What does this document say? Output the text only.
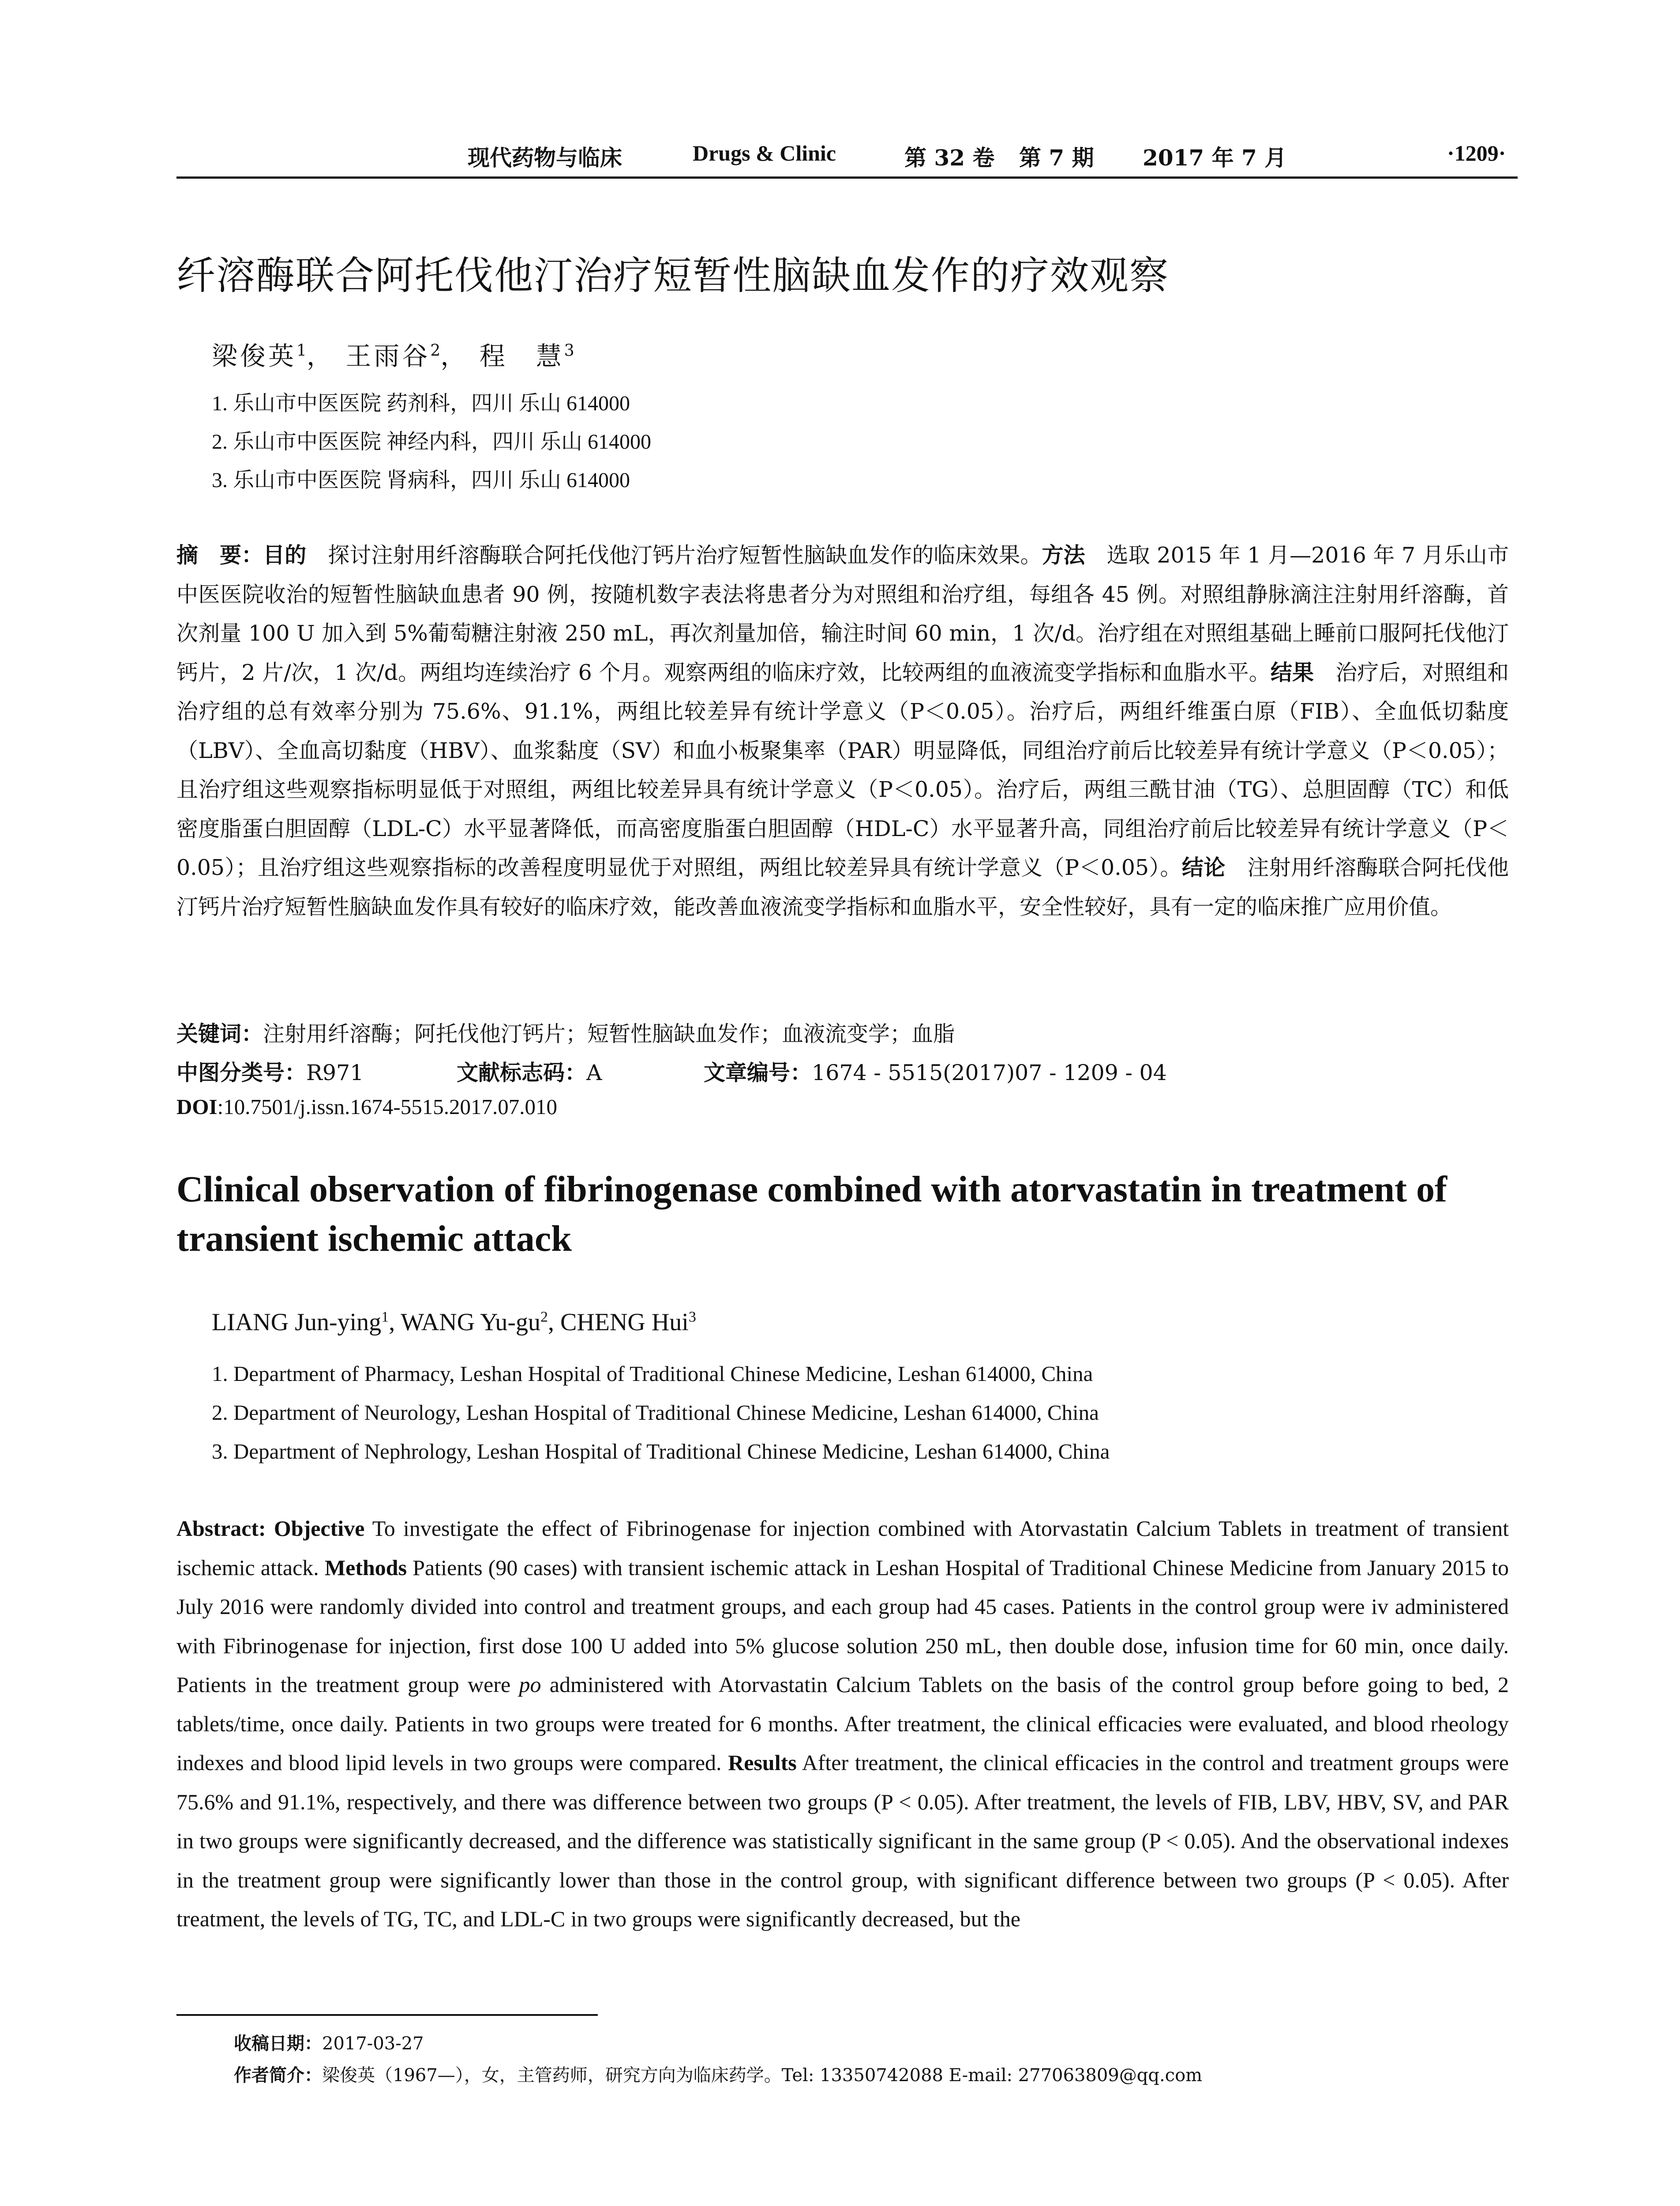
现代药物与临床	Drugs & Clinic	第 32 卷 第 7 期 2017 年 7 月	·1209·
纤溶酶联合阿托伐他汀治疗短暂性脑缺血发作的疗效观察
梁俊英$^1$， 王雨谷$^2$， 程　慧$^3$
1. 乐山市中医医院 药剂科，四川 乐山 614000
2. 乐山市中医医院 神经内科，四川 乐山 614000
3. 乐山市中医医院 肾病科，四川 乐山 614000
摘　要：目的　探讨注射用纤溶酶联合阿托伐他汀钙片治疗短暂性脑缺血发作的临床效果。方法　选取 2015 年 1 月—2016 年 7 月乐山市中医医院收治的短暂性脑缺血患者 90 例，按随机数字表法将患者分为对照组和治疗组，每组各 45 例。对照组静脉滴注注射用纤溶酶，首次剂量 100 U 加入到 5%葡萄糖注射液 250 mL，再次剂量加倍，输注时间 60 min，1 次/d。治疗组在对照组基础上睡前口服阿托伐他汀钙片，2 片/次，1 次/d。两组均连续治疗 6 个月。观察两组的临床疗效，比较两组的血液流变学指标和血脂水平。结果　治疗后，对照组和治疗组的总有效率分别为 75.6%、91.1%，两组比较差异有统计学意义（P＜0.05）。治疗后，两组纤维蛋白原（FIB）、全血低切黏度（LBV）、全血高切黏度（HBV）、血浆黏度（SV）和血小板聚集率（PAR）明显降低，同组治疗前后比较差异有统计学意义（P＜0.05）；且治疗组这些观察指标明显低于对照组，两组比较差异具有统计学意义（P＜0.05）。治疗后，两组三酰甘油（TG）、总胆固醇（TC）和低密度脂蛋白胆固醇（LDL-C）水平显著降低，而高密度脂蛋白胆固醇（HDL-C）水平显著升高，同组治疗前后比较差异有统计学意义（P＜0.05）；且治疗组这些观察指标的改善程度明显优于对照组，两组比较差异具有统计学意义（P＜0.05）。结论　注射用纤溶酶联合阿托伐他汀钙片治疗短暂性脑缺血发作具有较好的临床疗效，能改善血液流变学指标和血脂水平，安全性较好，具有一定的临床推广应用价值。
关键词：注射用纤溶酶；阿托伐他汀钙片；短暂性脑缺血发作；血液流变学；血脂
中图分类号：R971	文献标志码：A	文章编号：1674 - 5515(2017)07 - 1209 - 04
DOI:10.7501/j.issn.1674-5515.2017.07.010
Clinical observation of fibrinogenase combined with atorvastatin in treatment of transient ischemic attack
LIANG Jun-ying$^1$, WANG $Yu-gu^2$, CHENG Hui$^3$
1. Department of Pharmacy, Leshan Hospital of Traditional Chinese Medicine, Leshan 614000, China
2. Department of Neurology, Leshan Hospital of Traditional Chinese Medicine, Leshan 614000, China
3. Department of Nephrology, Leshan Hospital of Traditional Chinese Medicine, Leshan 614000, China
Abstract: Objective To investigate the effect of Fibrinogenase for injection combined with Atorvastatin Calcium Tablets in treatment of transient ischemic attack. Methods Patients (90 cases) with transient ischemic attack in Leshan Hospital of Traditional Chinese Medicine from January 2015 to July 2016 were randomly divided into control and treatment groups, and each group had 45 cases. Patients in the control group were iv administered with Fibrinogenase for injection, first dose 100 U added into 5% glucose solution 250 mL, then double dose, infusion time for 60 min, once daily. Patients in the treatment group were po administered with Atorvastatin Calcium Tablets on the basis of the control group before going to bed, 2 tablets/time, once daily. Patients in two groups were treated for 6 months. After treatment, the clinical efficacies were evaluated, and blood rheology indexes and blood lipid levels in two groups were compared. Results After treatment, the clinical efficacies in the control and treatment groups were 75.6% and 91.1%, respectively, and there was difference between two groups (P < 0.05). After treatment, the levels of FIB, LBV, HBV, SV, and PAR in two groups were significantly decreased, and the difference was statistically significant in the same group (P < 0.05). And the observational indexes in the treatment group were significantly lower than those in the control group, with significant difference between two groups (P < 0.05). After treatment, the levels of TG, TC, and LDL-C in two groups were significantly decreased, but the
收稿日期：2017-03-27
作者简介：梁俊英（1967—），女，主管药师，研究方向为临床药学。Tel: 13350742088 E-mail: 277063809@qq.com
